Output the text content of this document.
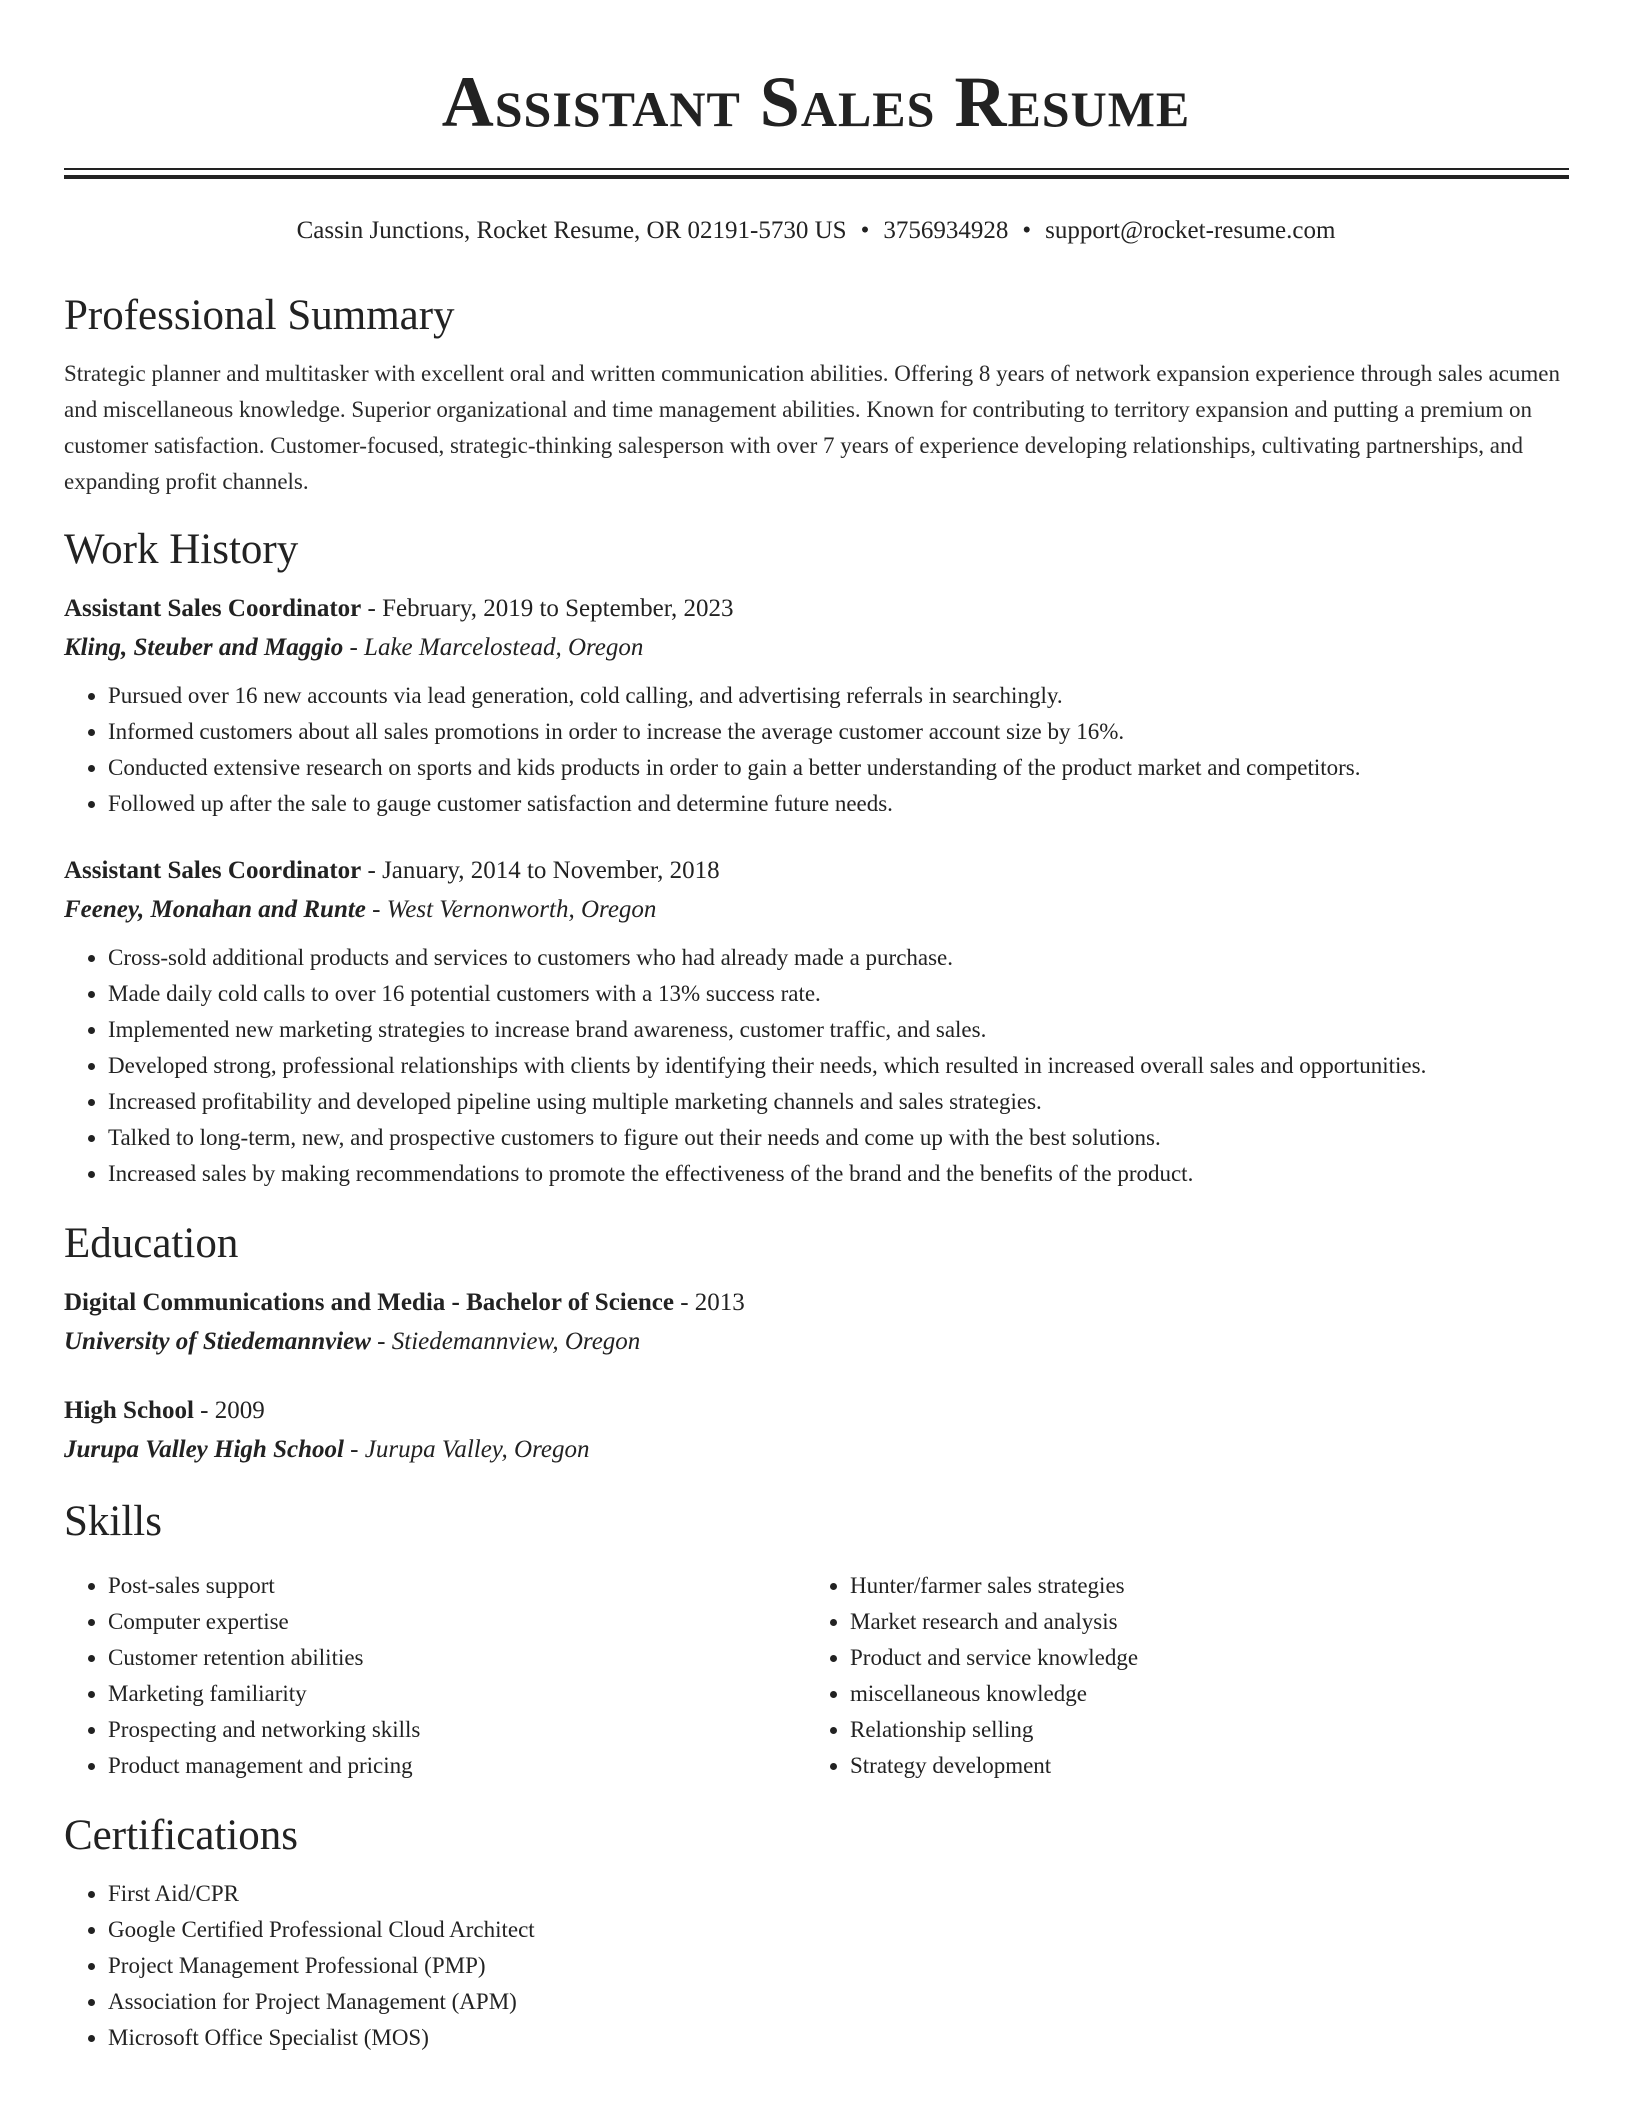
Assistant Sales Resume
Cassin Junctions, Rocket Resume, OR 02191-5730 US • 3756934928 • support@rocket-resume.com
Professional Summary

Strategic planner and multitasker with excellent oral and written communication abilities. Offering 8 years of network expansion experience through sales acumen and miscellaneous knowledge. Superior organizational and time management abilities. Known for contributing to territory expansion and putting a premium on customer satisfaction. Customer-focused, strategic-thinking salesperson with over 7 years of experience developing relationships, cultivating partnerships, and expanding profit channels.

Work History
Assistant Sales Coordinator - February, 2019 to September, 2023
Kling, Steuber and Maggio - Lake Marcelostead, Oregon
• Pursued over 16 new accounts via lead generation, cold calling, and advertising referrals in searchingly.
• Informed customers about all sales promotions in order to increase the average customer account size by 16%.
• Conducted extensive research on sports and kids products in order to gain a better understanding of the product market and competitors.
• Followed up after the sale to gauge customer satisfaction and determine future needs.
Assistant Sales Coordinator - January, 2014 to November, 2018
Feeney, Monahan and Runte - West Vernonworth, Oregon
• Cross-sold additional products and services to customers who had already made a purchase.
• Made daily cold calls to over 16 potential customers with a 13% success rate.
• Implemented new marketing strategies to increase brand awareness, customer traffic, and sales.
• Developed strong, professional relationships with clients by identifying their needs, which resulted in increased overall sales and opportunities.
• Increased profitability and developed pipeline using multiple marketing channels and sales strategies.
• Talked to long-term, new, and prospective customers to figure out their needs and come up with the best solutions.
• Increased sales by making recommendations to promote the effectiveness of the brand and the benefits of the product.
Education
Digital Communications and Media - Bachelor of Science - 2013
University of Stiedemannview - Stiedemannview, Oregon
High School - 2009
Jurupa Valley High School - Jurupa Valley, Oregon
Skills
• Post-sales support
• Computer expertise
• Customer retention abilities
• Marketing familiarity
• Prospecting and networking skills
• Product management and pricing
• Hunter/farmer sales strategies
• Market research and analysis
• Product and service knowledge
• miscellaneous knowledge
• Relationship selling
• Strategy development
Certifications
• First Aid/CPR
• Google Certified Professional Cloud Architect
• Project Management Professional (PMP)
• Association for Project Management (APM)
• Microsoft Office Specialist (MOS)
